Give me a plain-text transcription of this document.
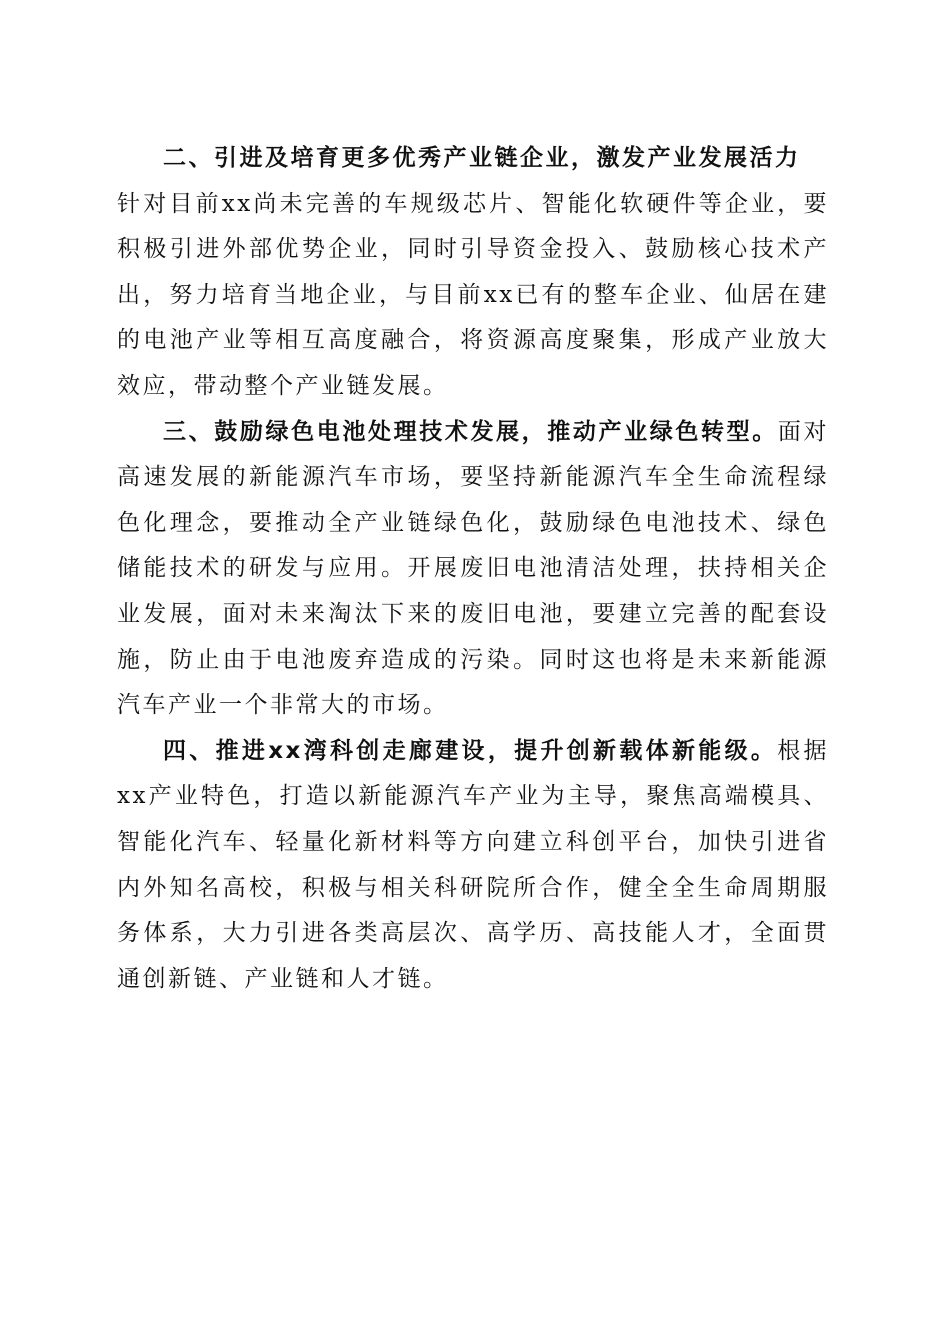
二、引进及培育更多优秀产业链企业，激发产业发展活力

针对目前xx尚未完善的车规级芯片、智能化软硬件等企业，要积极引进外部优势企业，同时引导资金投入、鼓励核心技术产出，努力培育当地企业，与目前xx已有的整车企业、仙居在建的电池产业等相互高度融合，将资源高度聚集，形成产业放大效应，带动整个产业链发展。

三、鼓励绿色电池处理技术发展，推动产业绿色转型。面对高速发展的新能源汽车市场，要坚持新能源汽车全生命流程绿色化理念，要推动全产业链绿色化，鼓励绿色电池技术、绿色储能技术的研发与应用。开展废旧电池清洁处理，扶持相关企业发展，面对未来淘汰下来的废旧电池，要建立完善的配套设施，防止由于电池废弃造成的污染。同时这也将是未来新能源汽车产业一个非常大的市场。

四、推进xx湾科创走廊建设，提升创新载体新能级。根据xx产业特色，打造以新能源汽车产业为主导，聚焦高端模具、智能化汽车、轻量化新材料等方向建立科创平台，加快引进省内外知名高校，积极与相关科研院所合作，健全全生命周期服务体系，大力引进各类高层次、高学历、高技能人才，全面贯通创新链、产业链和人才链。
